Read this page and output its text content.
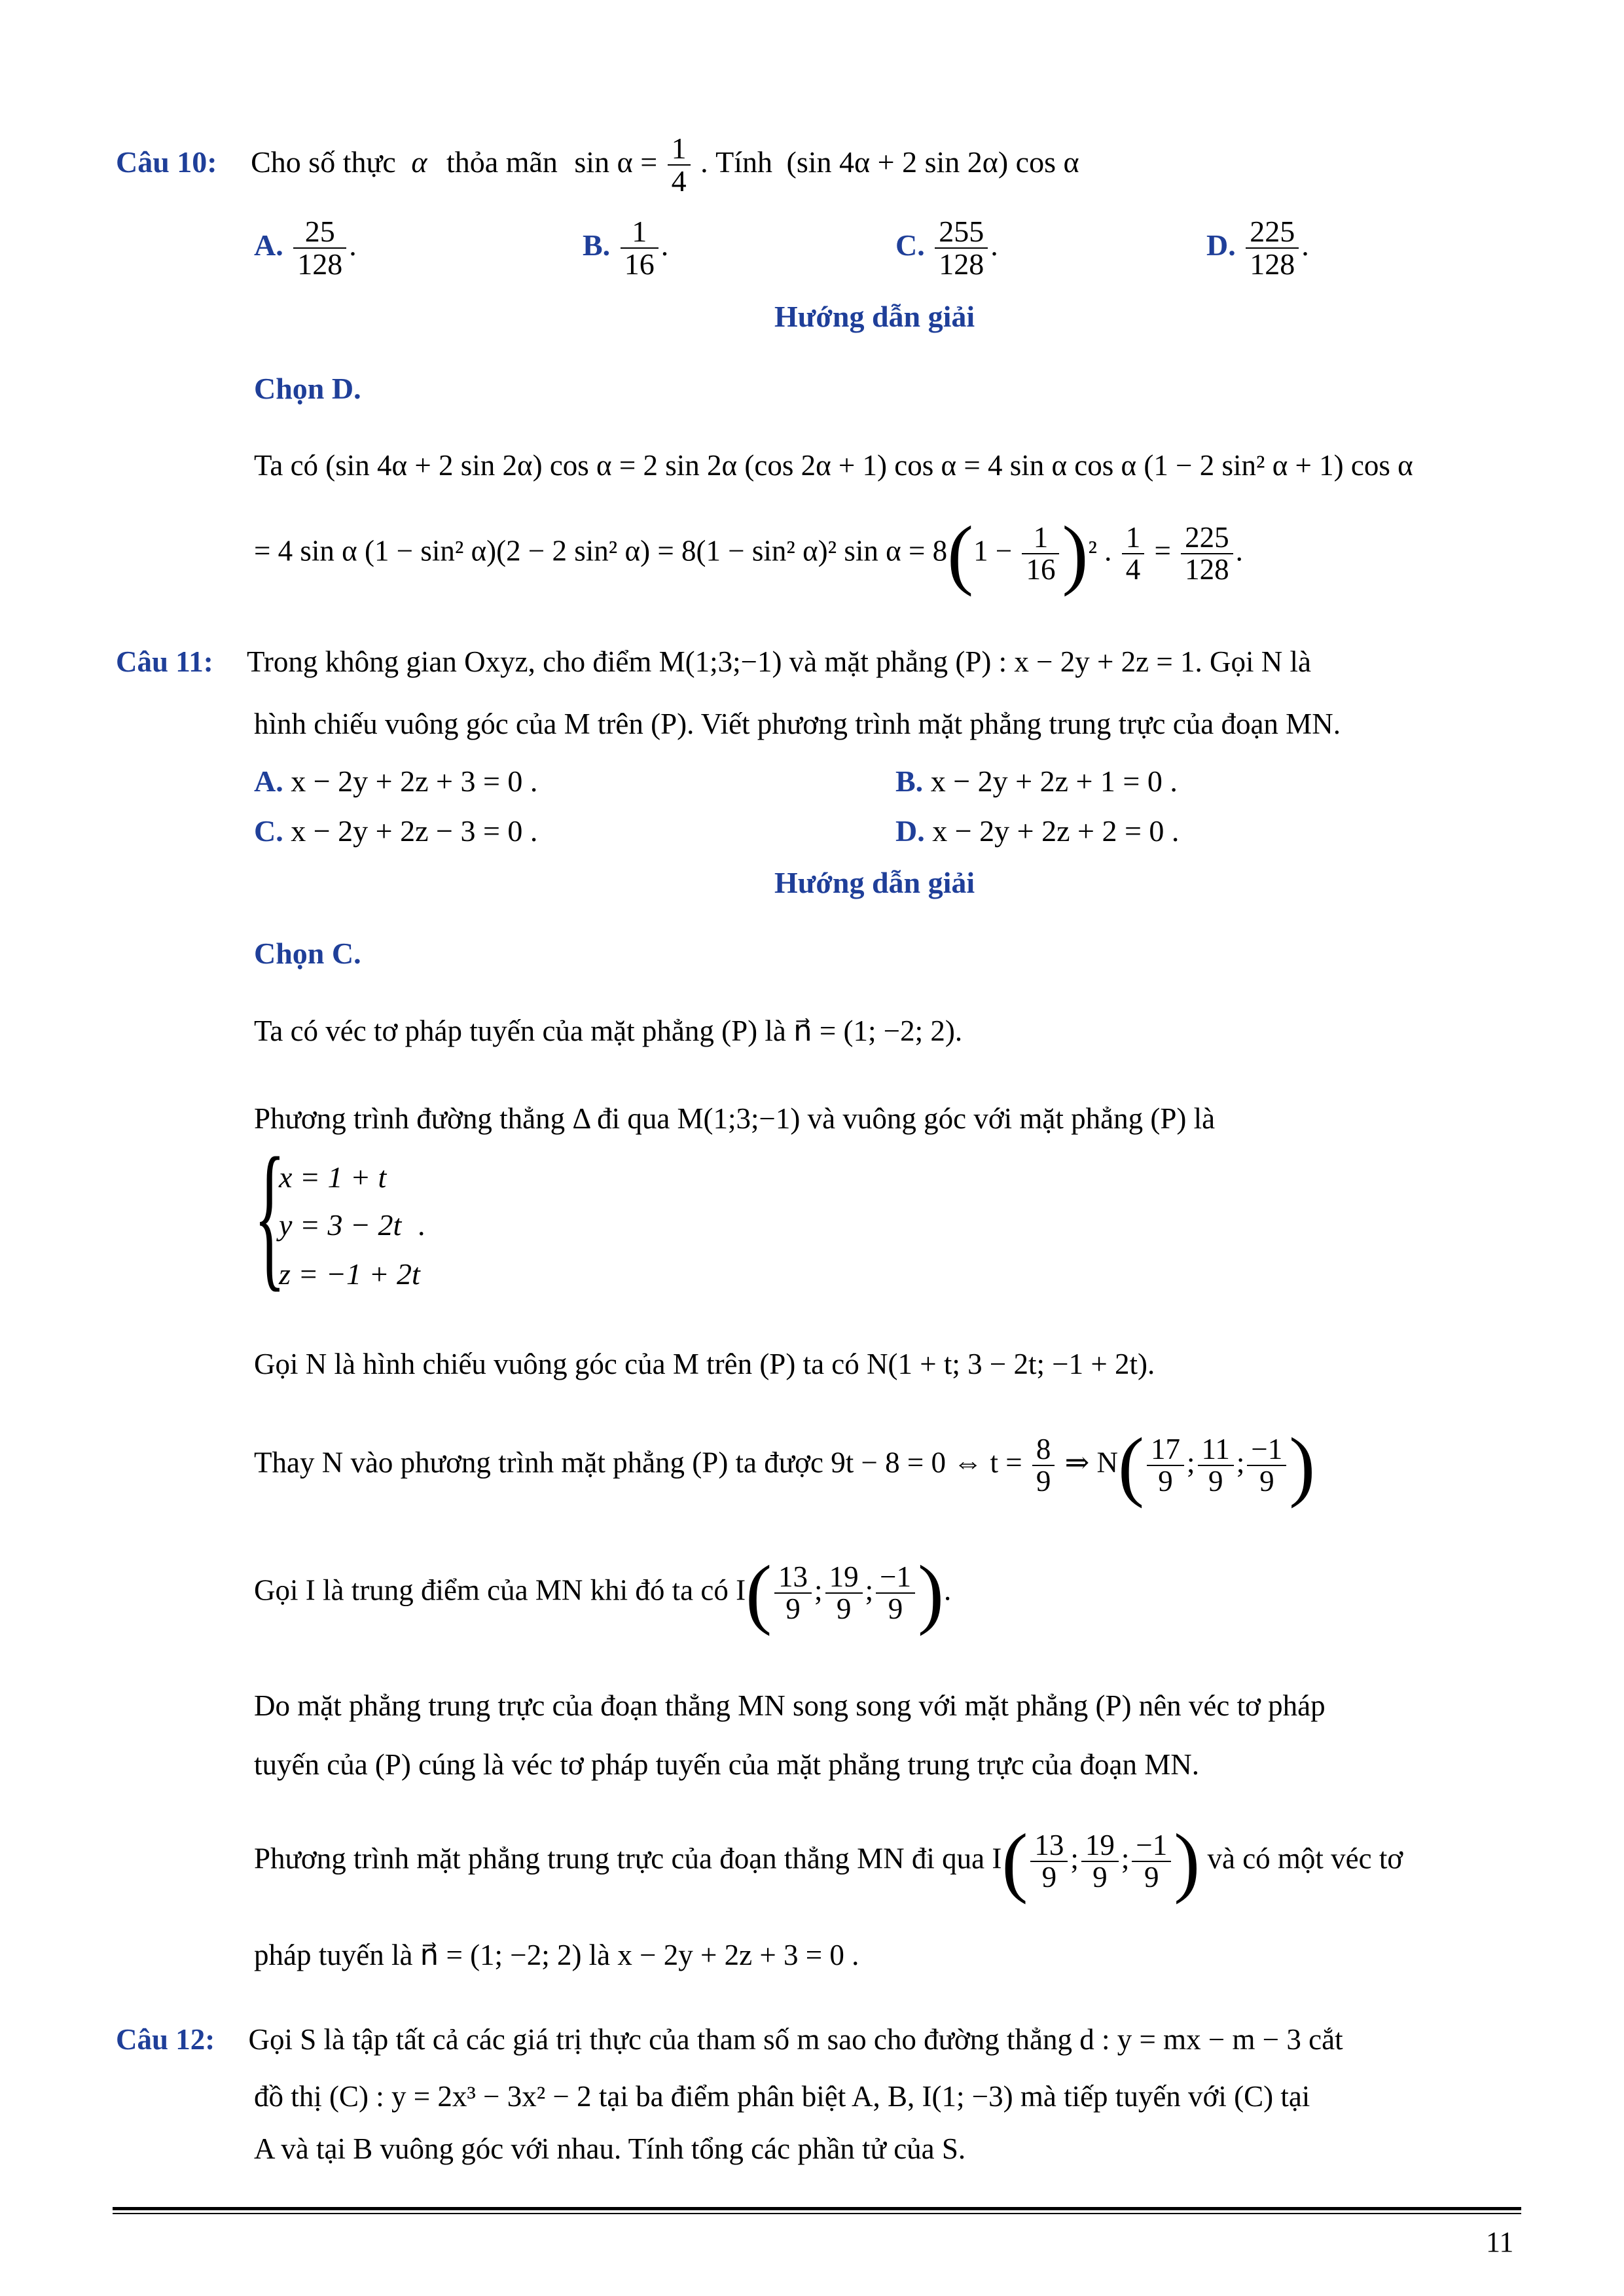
Câu 10: Cho số thực α thỏa mãn $\sin \alpha = \frac{1}{4}$ . Tính (sin 4α + 2 sin 2α) cos α
A. $\frac{25}{128}$ .	B. $\frac{1}{16}$ .	C. $\frac{255}{128}$ .	D. $\frac{225}{128}$ .
Hướng dẫn giải
Chọn D.
Ta có (sin 4α + 2 sin 2α) cos α = 2 sin 2α (cos 2α + 1) cos α = 4 sin α cos α (1 − 2 sin² α + 1) cos α
= 4 sin α (1 − sin² α)(2 − 2 sin² α) = 8(1 − sin² α)² $\sin \alpha = 8(1 - \frac{1}{16} )^2$ . $\frac{1}{4} = \frac{225}{128}$ .
Câu 11: Trong không gian Oxyz, cho điểm M(1;3;−1) và mặt phẳng (P) : x − 2y + 2z = 1. Gọi N là
hình chiếu vuông góc của M trên (P). Viết phương trình mặt phẳng trung trực của đoạn MN.
A. x − 2y + 2z + 3 = 0 .	B. x − 2y + 2z + 1 = 0 .
C. x − 2y + 2z − 3 = 0 .	D. x − 2y + 2z + 2 = 0 .
Hướng dẫn giải
Chọn C.
Ta có véc tơ pháp tuyến của mặt phẳng (P) là n⃗ = (1; −2; 2).
Phương trình đường thẳng Δ đi qua M(1;3;−1) và vuông góc với mặt phẳng (P) là
{
x = 1 + t
y = 3 − 2t
z = −1 + 2t
.
Gọi N là hình chiếu vuông góc của M trên (P) ta có N(1 + t; 3 − 2t; −1 + 2t).
Thay N vào phương trình mặt phẳng (P) ta được 9t − 8 = 0 ⇔ $t = \frac{8}{9}$ ⇒ $N( \frac{17}{9}$ ; $\frac{11}{9}$ ; $\frac{-1}{9}$ )
Gọi I là trung điểm của MN khi đó ta có $I( \frac{13}{9}$ ; $\frac{19}{9}$ ; $\frac{-1}{9}$ ).
Do mặt phẳng trung trực của đoạn thẳng MN song song với mặt phẳng (P) nên véc tơ pháp
tuyến của (P) cúng là véc tơ pháp tuyến của mặt phẳng trung trực của đoạn MN.
Phương trình mặt phẳng trung trực của đoạn thẳng MN đi qua $I( \frac{13}{9}$ ; $\frac{19}{9}$ ; $\frac{-1}{9}$ ) và có một véc tơ
pháp tuyến là n⃗ = (1; −2; 2) là x − 2y + 2z + 3 = 0 .
Câu 12: Gọi S là tập tất cả các giá trị thực của tham số m sao cho đường thẳng d : y = mx − m − 3 cắt
đồ thị (C) : y = 2x³ − 3x² − 2 tại ba điểm phân biệt A, B, I(1; −3) mà tiếp tuyến với (C) tại
A và tại B vuông góc với nhau. Tính tổng các phần tử của S.
11
